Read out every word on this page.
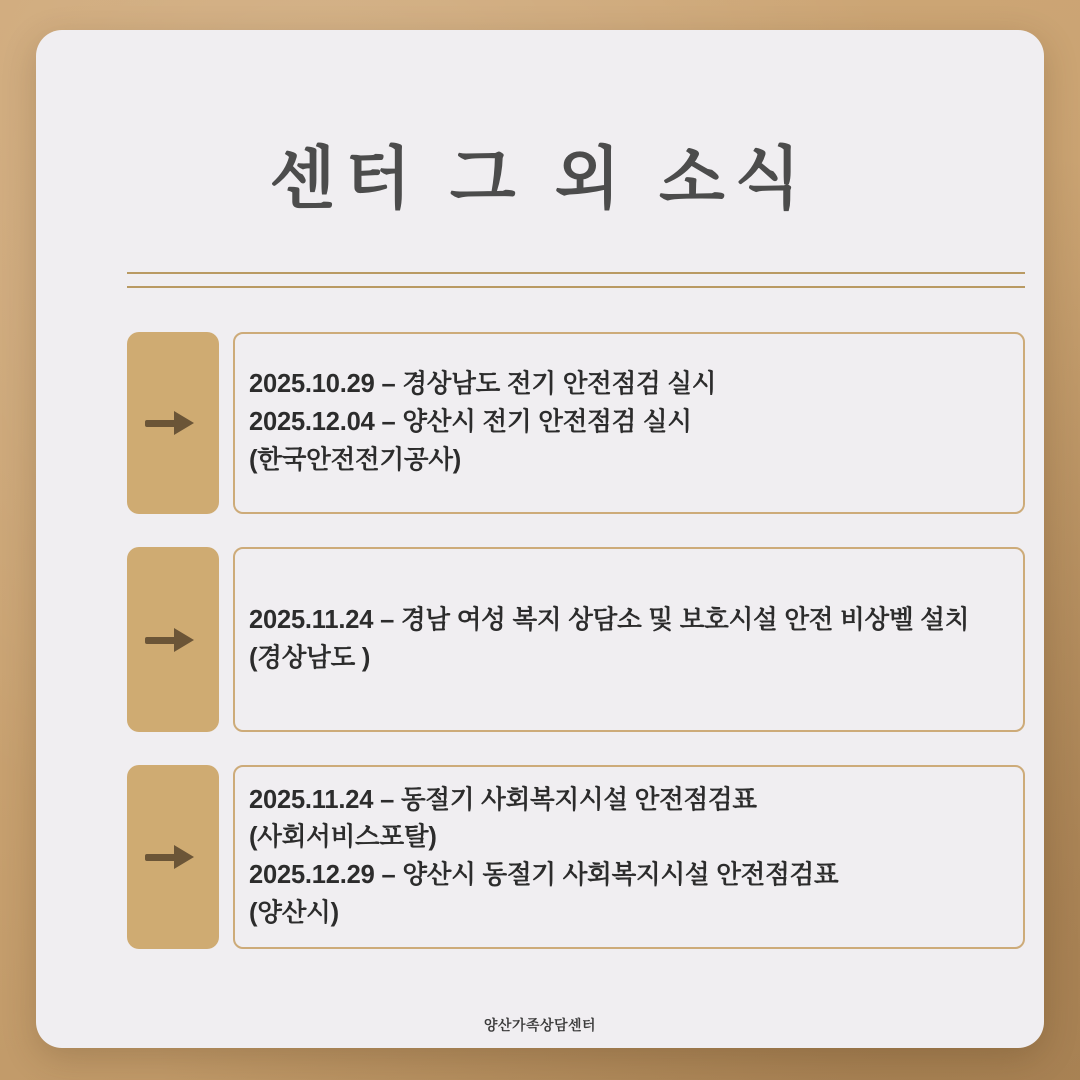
센터 그 외 소식
2025.10.29 – 경상남도 전기 안전점검 실시
2025.12.04 – 양산시 전기 안전점검 실시
(한국안전전기공사)
2025.11.24 – 경남 여성 복지 상담소 및 보호시설 안전 비상벨 설치
(경상남도 )
2025.11.24 – 동절기 사회복지시설 안전점검표
(사회서비스포탈)
2025.12.29 – 양산시 동절기 사회복지시설 안전점검표
(양산시)
양산가족상담센터
